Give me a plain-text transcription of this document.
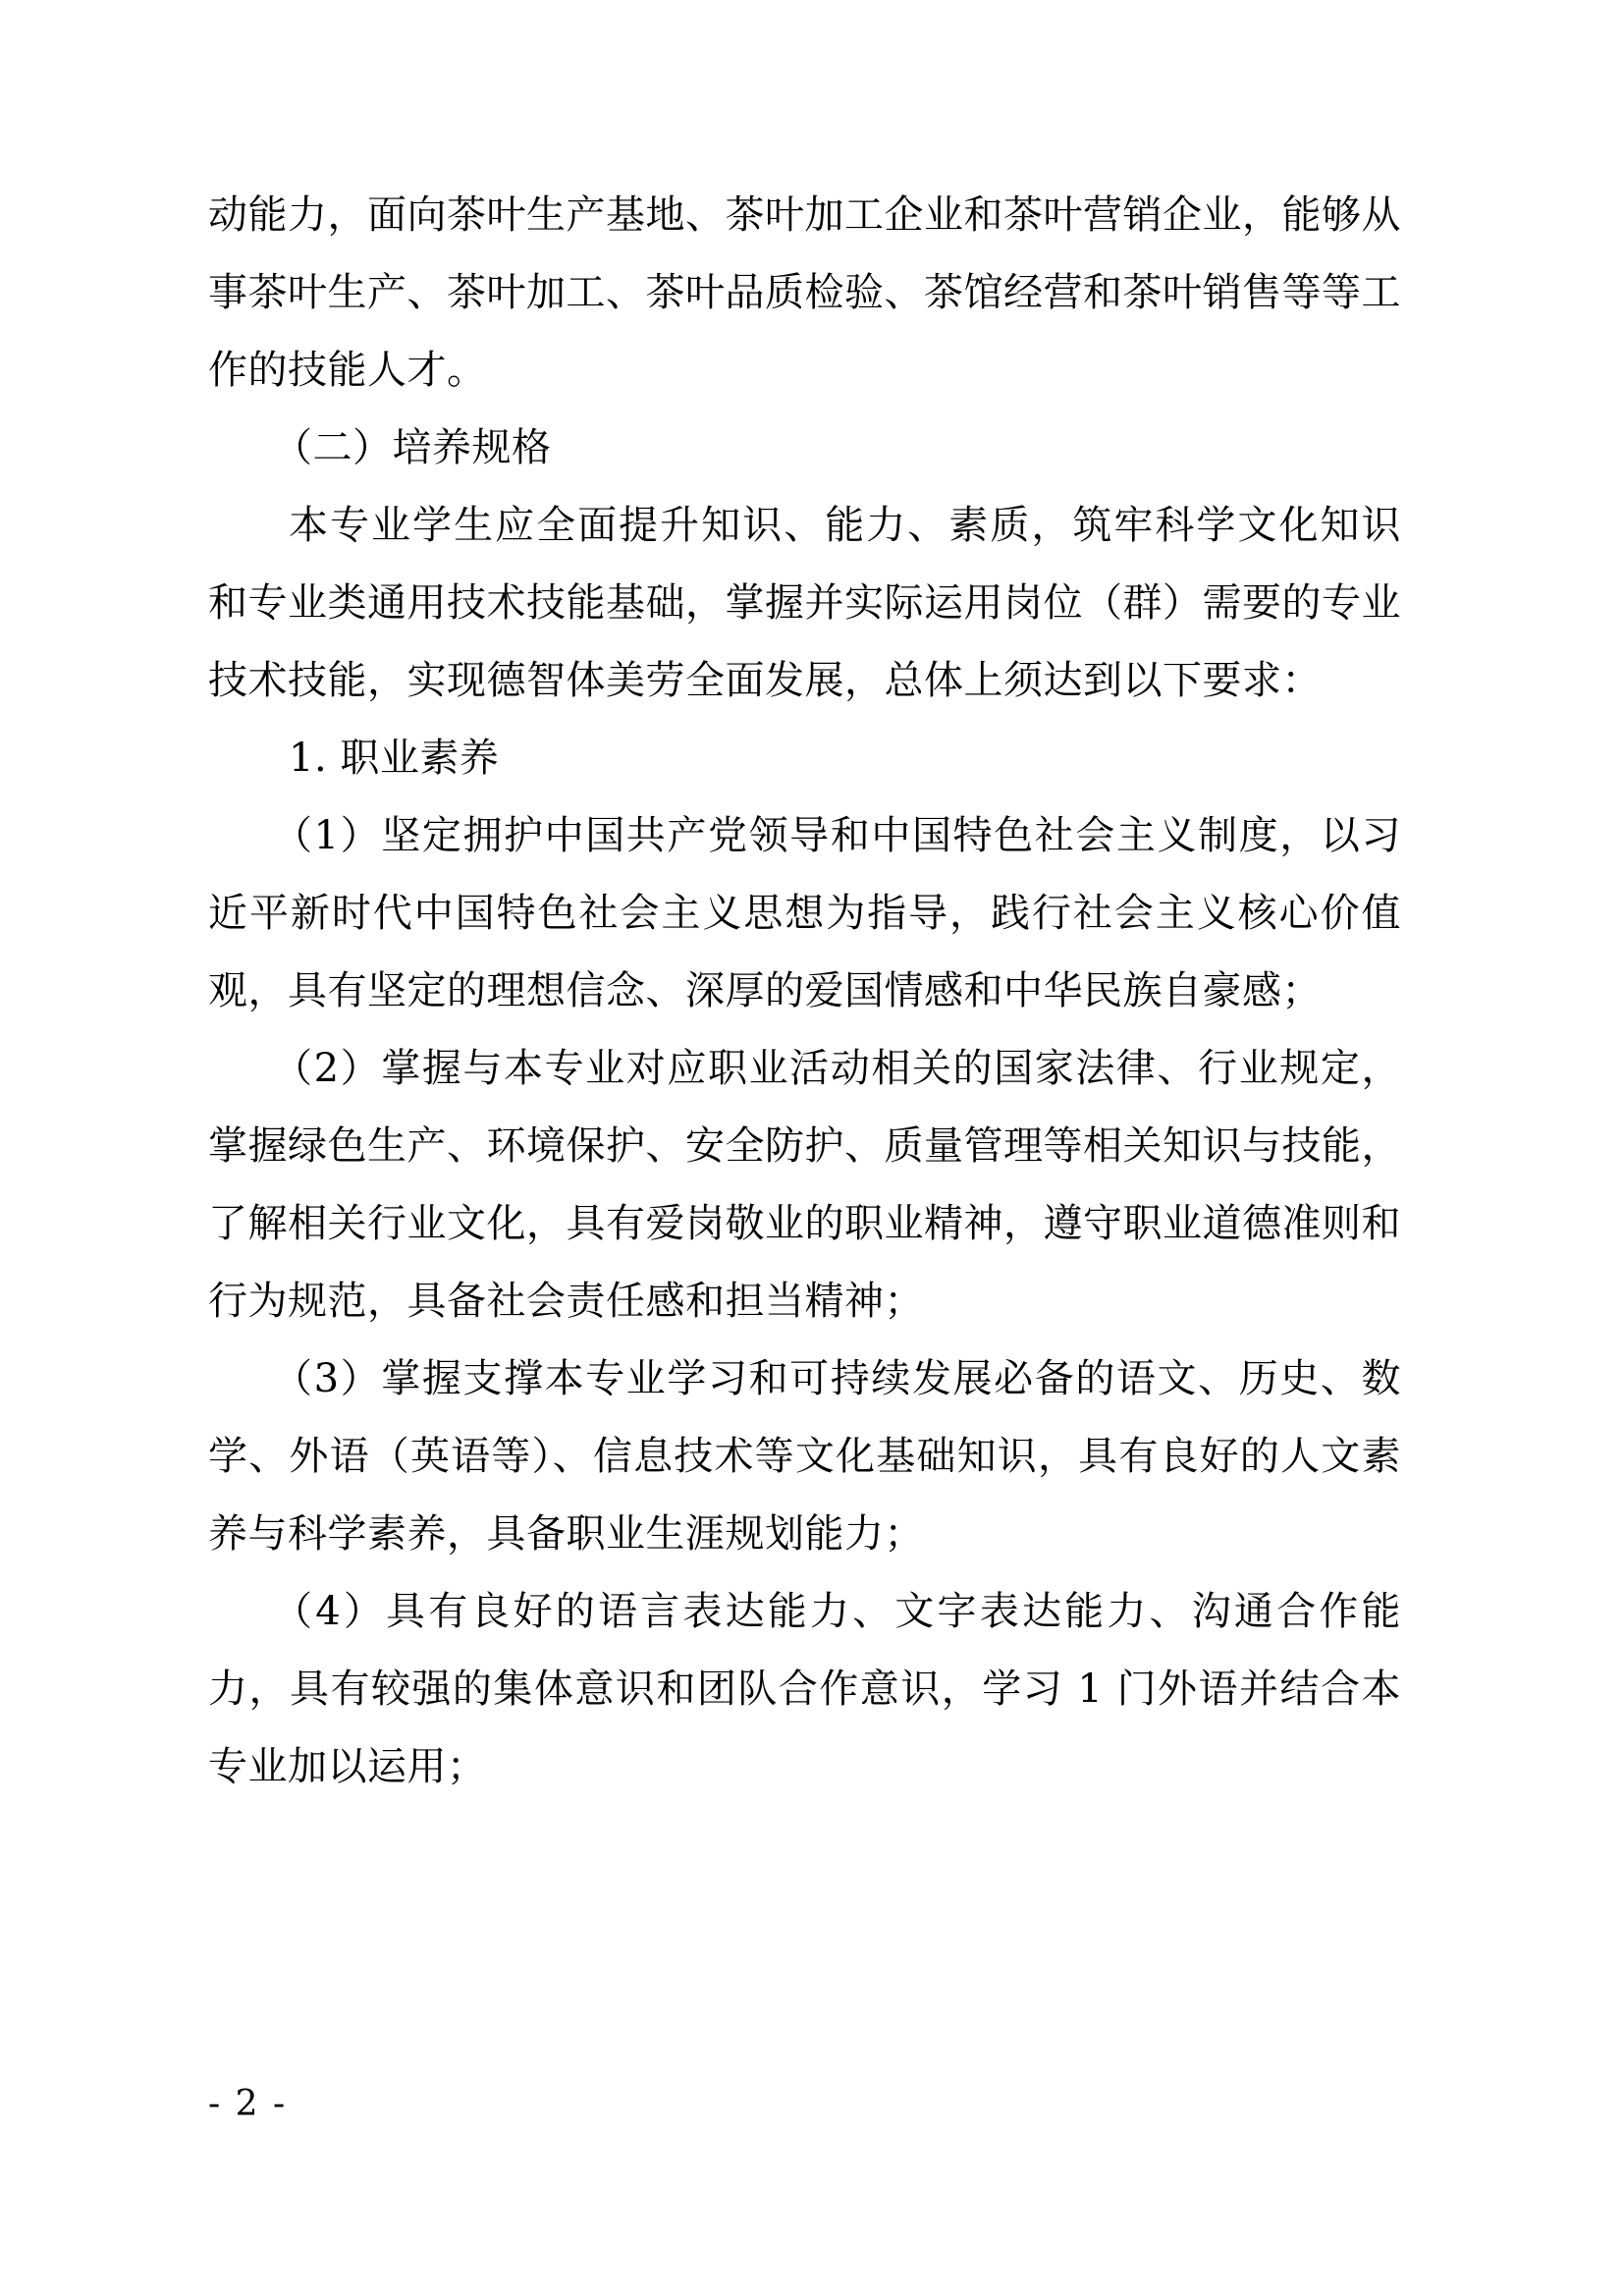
动能力，面向茶叶生产基地、茶叶加工企业和茶叶营销企业，能够从事茶叶生产、茶叶加工、茶叶品质检验、茶馆经营和茶叶销售等等工作的技能人才。

（二）培养规格

本专业学生应全面提升知识、能力、素质，筑牢科学文化知识和专业类通用技术技能基础，掌握并实际运用岗位（群）需要的专业技术技能，实现德智体美劳全面发展，总体上须达到以下要求：

1. 职业素养

（1）坚定拥护中国共产党领导和中国特色社会主义制度，以习近平新时代中国特色社会主义思想为指导，践行社会主义核心价值观，具有坚定的理想信念、深厚的爱国情感和中华民族自豪感；

（2）掌握与本专业对应职业活动相关的国家法律、行业规定，掌握绿色生产、环境保护、安全防护、质量管理等相关知识与技能，了解相关行业文化，具有爱岗敬业的职业精神，遵守职业道德准则和行为规范，具备社会责任感和担当精神；

（3）掌握支撑本专业学习和可持续发展必备的语文、历史、数学、外语（英语等）、信息技术等文化基础知识，具有良好的人文素养与科学素养，具备职业生涯规划能力；

（4）具有良好的语言表达能力、文字表达能力、沟通合作能力，具有较强的集体意识和团队合作意识，学习 1 门外语并结合本专业加以运用；

- 2 -
